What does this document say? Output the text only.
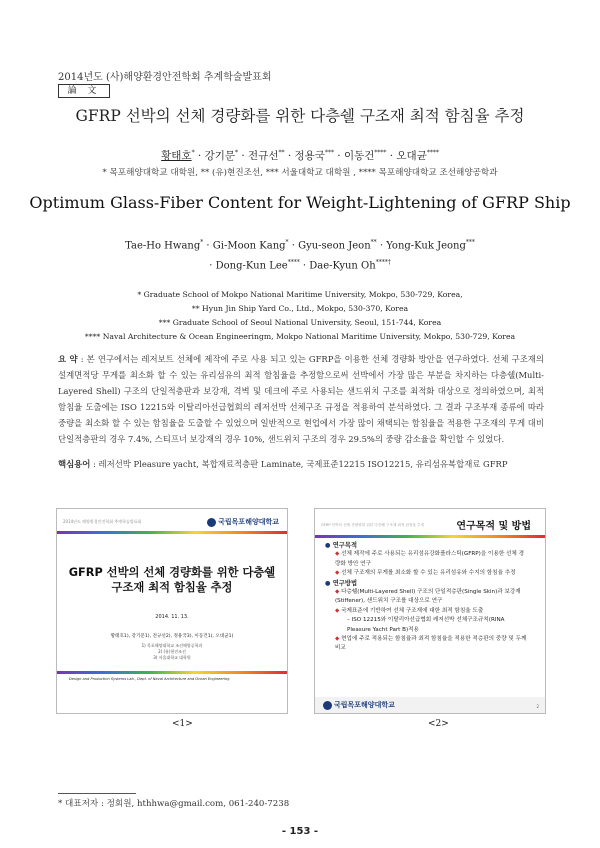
2014년도 (사)해양환경안전학회 추계학술발표회
論 文
GFRP 선박의 선체 경량화를 위한 다층쉘 구조재 최적 함침율 추정
황태호* · 강기문* · 전규선** · 정용국*** · 이동건**** · 오대균****
* 목포해양대학교 대학원, ** (유)현진조선, *** 서울대학교 대학원 , **** 목포해양대학교 조선해양공학과
Optimum Glass-Fiber Content for Weight-Lightening of GFRP Ship
Tae-Ho Hwang* · Gi-Moon Kang* · Gyu-seon Jeon** · Yong-Kuk Jeong***
· Dong-Kun Lee**** · Dae-Kyun Oh****†
* Graduate School of Mokpo National Maritime University, Mokpo, 530-729, Korea,
** Hyun Jin Ship Yard Co., Ltd., Mokpo, 530-370, Korea
*** Graduate School of Seoul National University, Seoul, 151-744, Korea
**** Naval Architecture & Ocean Engineeringm, Mokpo National Maritime University, Mokpo, 530-729, Korea
요 약 : 본 연구에서는 레저보트 선체에 제작에 주로 사용 되고 있는 GFRP을 이용한 선체 경량화 방안을 연구하였다. 선체 구조재의 설계면적당 무게를 최소화 할 수 있는 유리섬유의 최적 함침율을 추정함으로써 선박에서 가장 많은 부분을 차지하는 다층쉘(Multi-Layered Shell) 구조의 단일적층판과 보강재, 격벽 및 데크에 주로 사용되는 샌드위치 구조를 최적화 대상으로 정의하였으며, 최적 함침율 도출에는 ISO 12215와 이탈리아선급협회의 레저선박 선체구조 규정을 적용하여 분석하였다. 그 결과 구조부재 종류에 따라 중량을 최소화 할 수 있는 함침율을 도출할 수 있었으며 일반적으로 현업에서 가장 많이 채택되는 함침율을 적용한 구조재의 무게 대비 단일적층판의 경우 7.4%, 스티프너 보강재의 경우 10%, 샌드위치 구조의 경우 29.5%의 중량 감소율을 확인할 수 있었다.
핵심용어 : 레저선박 Pleasure yacht, 복합재료적층판 Laminate, 국제표준12215 ISO12215, 유리섬유복합재료 GFRP
2014년도 해양환경안전학회 추계학술발표회	국립목포해양대학교
GFRP 선박의 선체 경량화를 위한 다층쉘
구조재 최적 함침율 추정
2014. 11. 13.
황태호1), 강기문1), 전규선2), 정용국3), 이동건1), 오대균1)
1) 목포해양대학교 조선해양공학과
2) (유)현진조선
3) 서울대학교 대학원
Design and Production Systems Lab., Dept. of Naval Architecture and Ocean Engineering
GFRP 선박의 선체 경량화를 위한 다층쉘 구조재 최적 함침율 추정	연구목적 및 방법
● 연구목적
◆ 선체 제작에 주로 사용되는 유리섬유강화플라스틱(GFRP)을 이용한 선체 경량화 방안 연구
◆ 선체 구조재의 무게를 최소화 할 수 있는 유리섬유와 수지의 함침율 추정
● 연구방법
◆ 다층쉘(Multi-Layered Shell) 구조의 단일적층판(Single Skin)과 보강재(Stiffener), 샌드위치 구조를 대상으로 연구
◆ 국제표준에 기반하여 선체 구조재에 대한 최적 함침율 도출
– ISO 12215와 이탈리아선급협회 레저선박 선체구조규칙(RINA Pleasure Yacht Part B)적용
◆ 현업에 주로 적용되는 함침율과 최적 함침율을 적용한 적층판의 중량 및 두께 비교
국립목포해양대학교	2
<1>	<2>
* 대표저자 : 정회원, hthhwa@gmail.com, 061-240-7238
- 153 -
